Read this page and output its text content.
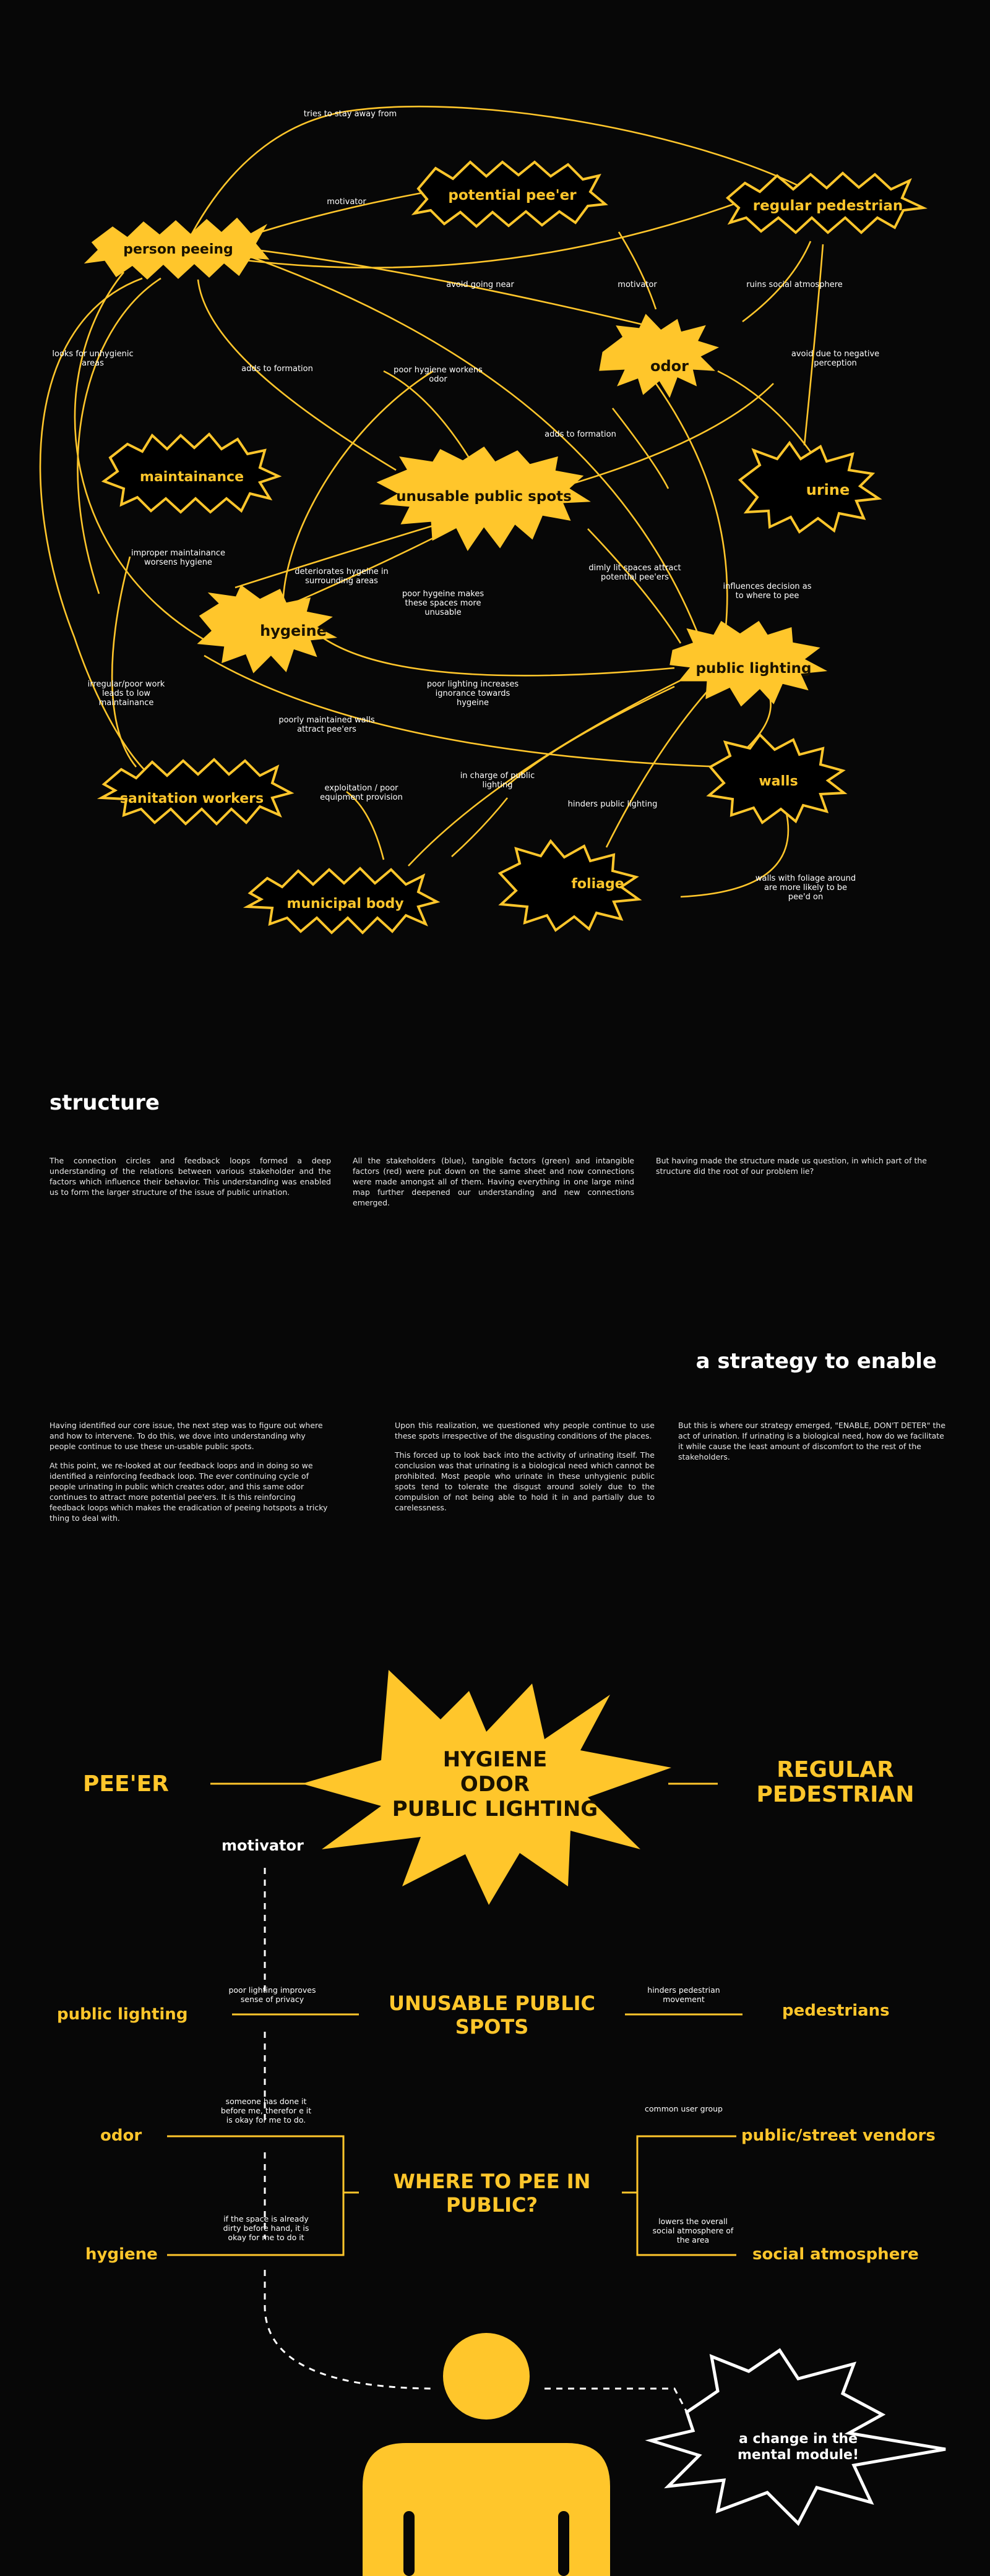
person peeing
potential pee'er
regular pedestrian
odor
maintainance
unusable public spots	urine
hygeine
public lighting
sanitation workers
walls
foliage
municipal body
tries to stay away from
motivator
avoid going near	motivator	ruins social atmosphere
looks for unhygienic areas
adds to formation	poor hygiene workens odor
avoid due to negative perception
adds to formation
improper maintainance worsens hygiene
deteriorates hygeine in surrounding areas
dimly lit spaces attract potential pee'ers
influences decision as to where to pee
poor hygeine makes these spaces more unusable
irregular/poor work leads to low maintainance
poor lighting increases ignorance towards hygeine
poorly maintained walls attract pee'ers
exploitation / poor equipment provision
in charge of public lighting
hinders public lighting
walls with foliage around are more likely to be pee'd on
structure
The connection circles and feedback loops formed a deep understanding of the relations between various stakeholder and the factors which influence their behavior. This understanding was enabled us to form the larger structure of the issue of public urination.
All the stakeholders (blue), tangible factors (green) and intangible factors (red) were put down on the same sheet and now connections were made amongst all of them. Having everything in one large mind map further deepened our understanding and new connections emerged.
But having made the structure made us question, in which part of the structure did the root of our problem lie?
a strategy to enable

Having identified our core issue, the next step was to figure out where and how to intervene. To do this, we dove into understanding why people continue to use these un-usable public spots.

At this point, we re-looked at our feedback loops and in doing so we identified a reinforcing feedback loop. The ever continuing cycle of people urinating in public which creates odor, and this same odor continues to attract more potential pee'ers. It is this reinforcing feedback loops which makes the eradication of peeing hotspots a tricky thing to deal with.

Upon this realization, we questioned why people continue to use these spots irrespective of the disgusting conditions of the places.

This forced up to look back into the activity of urinating itself. The conclusion was that urinating is a biological need which cannot be prohibited. Most people who urinate in these unhygienic public spots tend to tolerate the disgust around solely due to the compulsion of not being able to hold it in and partially due to carelessness.

But this is where our strategy emerged, "ENABLE, DON'T DETER" the act of urination. If urinating is a biological need, how do we facilitate it while cause the least amount of discomfort to the rest of the stakeholders.
HYGIENE
ODOR
PUBLIC LIGHTING
a change in the
mental module!
PEE'ER
REGULAR
PEDESTRIAN
motivator
public lighting
poor lighting improves
sense of privacy	UNUSABLE PUBLIC
SPOTS
hinders pedestrian
movement
pedestrians
odor
someone has done it
before me, therefor e it
is okay for me to do.
WHERE TO PEE IN
PUBLIC?
common user group
public/street vendors
hygiene
if the space is already
dirty before hand, it is
okay for me to do it
lowers the overall
social atmosphere of
the area
social atmosphere
